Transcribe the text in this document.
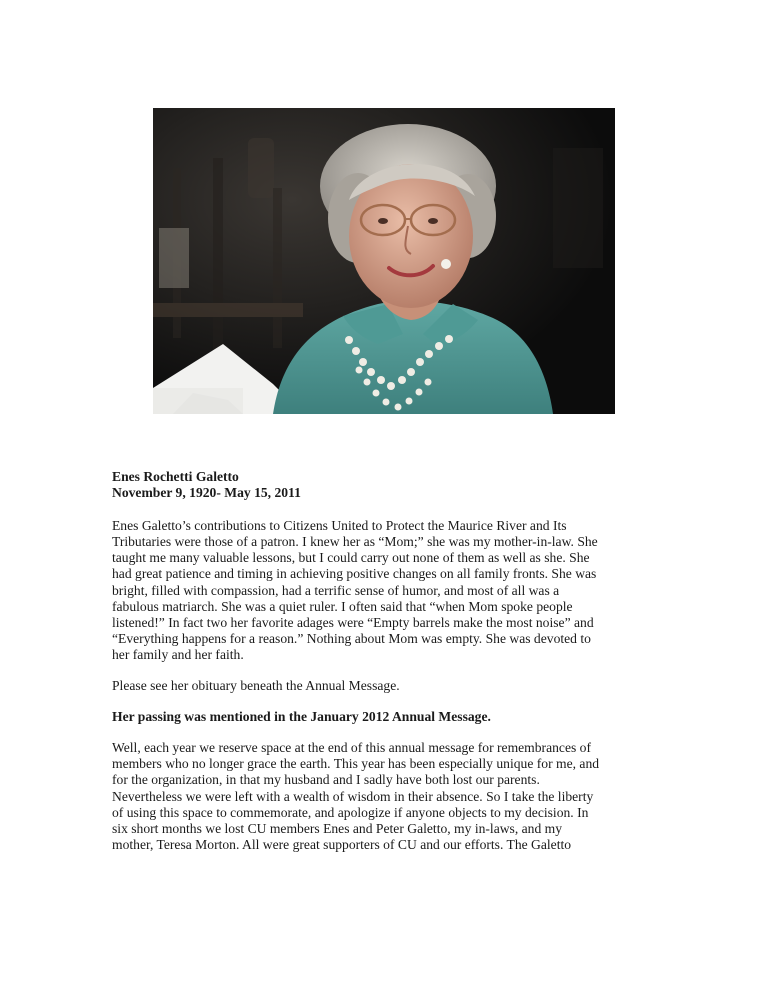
Enes Rochetti Galetto

November 9, 1920- May 15, 2011

Enes Galetto’s contributions to Citizens United to Protect the Maurice River and Its
Tributaries were those of a patron. I knew her as “Mom;” she was my mother-in-law. She
taught me many valuable lessons, but I could carry out none of them as well as she. She
had great patience and timing in achieving positive changes on all family fronts. She was
bright, filled with compassion, had a terrific sense of humor, and most of all was a
fabulous matriarch. She was a quiet ruler. I often said that “when Mom spoke people
listened!” In fact two her favorite adages were “Empty barrels make the most noise” and
“Everything happens for a reason.” Nothing about Mom was empty. She was devoted to
her family and her faith.

Please see her obituary beneath the Annual Message.

Her passing was mentioned in the January 2012 Annual Message.

Well, each year we reserve space at the end of this annual message for remembrances of
members who no longer grace the earth. This year has been especially unique for me, and
for the organization, in that my husband and I sadly have both lost our parents.
Nevertheless we were left with a wealth of wisdom in their absence. So I take the liberty
of using this space to commemorate, and apologize if anyone objects to my decision. In
six short months we lost CU members Enes and Peter Galetto, my in-laws, and my
mother, Teresa Morton. All were great supporters of CU and our efforts. The Galetto
